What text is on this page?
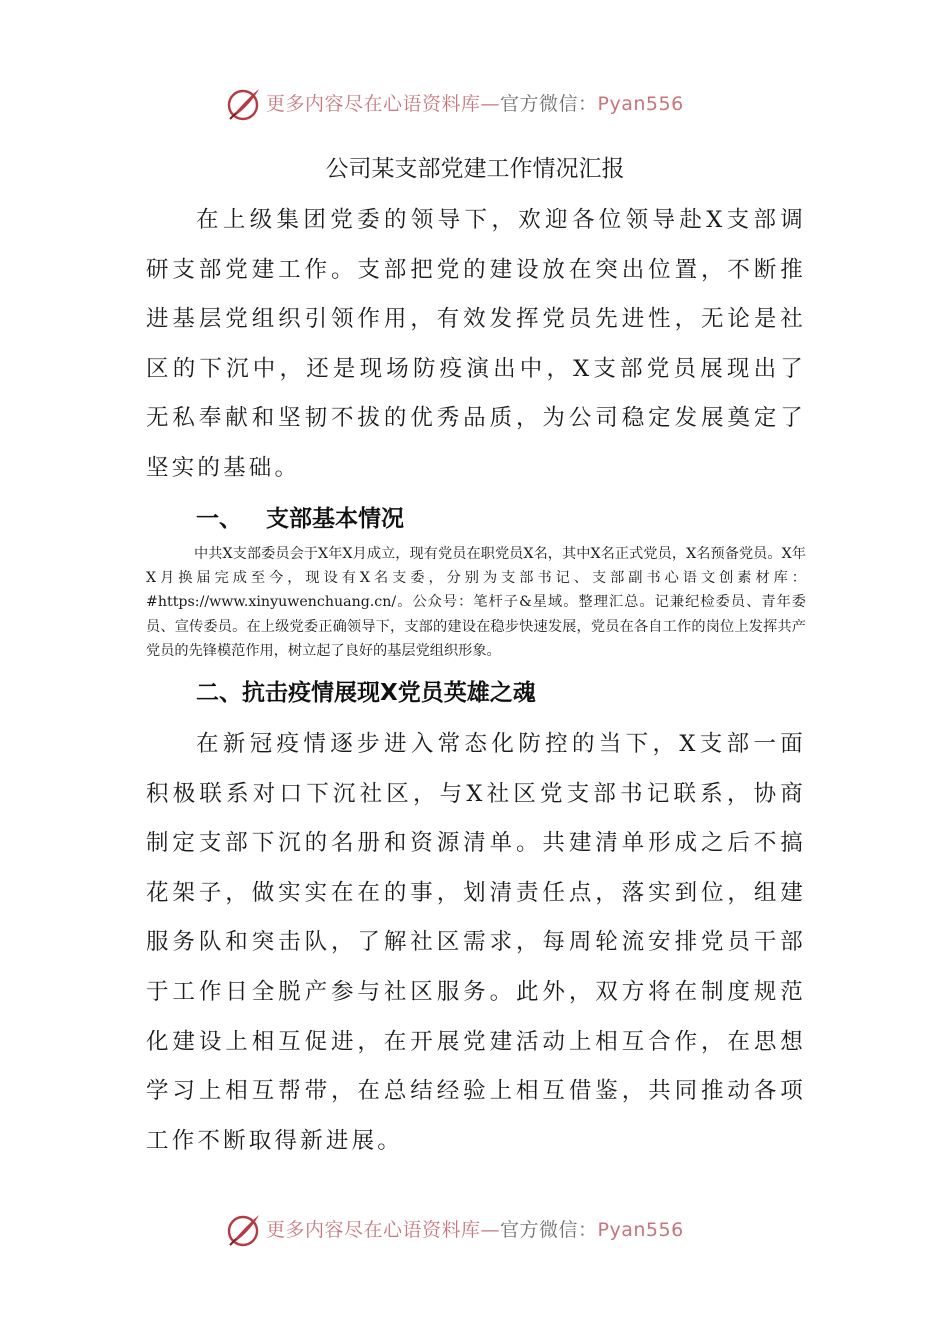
更多内容尽在心语资料库—官方微信：Pyan556
公司某支部党建工作情况汇报

在上级集团党委的领导下，欢迎各位领导赴X支部调研支部党建工作。支部把党的建设放在突出位置，不断推进基层党组织引领作用，有效发挥党员先进性，无论是社区的下沉中，还是现场防疫演出中，X支部党员展现出了无私奉献和坚韧不拔的优秀品质，为公司稳定发展奠定了坚实的基础。

一、 支部基本情况

中共X支部委员会于X年X月成立，现有党员在职党员X名，其中X名正式党员，X名预备党员。X年X月换届完成至今，现设有X名支委，分别为支部书记、支部副书心语文创素材库：#https://www.xinyuwenchuang.cn/。公众号：笔杆子&星域。整理汇总。记兼纪检委员、青年委员、宣传委员。在上级党委正确领导下，支部的建设在稳步快速发展，党员在各自工作的岗位上发挥共产党员的先锋模范作用，树立起了良好的基层党组织形象。

二、抗击疫情展现X党员英雄之魂

在新冠疫情逐步进入常态化防控的当下，X支部一面积极联系对口下沉社区，与X社区党支部书记联系，协商制定支部下沉的名册和资源清单。共建清单形成之后不搞花架子，做实实在在的事，划清责任点，落实到位，组建服务队和突击队，了解社区需求，每周轮流安排党员干部于工作日全脱产参与社区服务。此外，双方将在制度规范化建设上相互促进，在开展党建活动上相互合作，在思想学习上相互帮带，在总结经验上相互借鉴，共同推动各项工作不断取得新进展。

更多内容尽在心语资料库—官方微信：Pyan556
